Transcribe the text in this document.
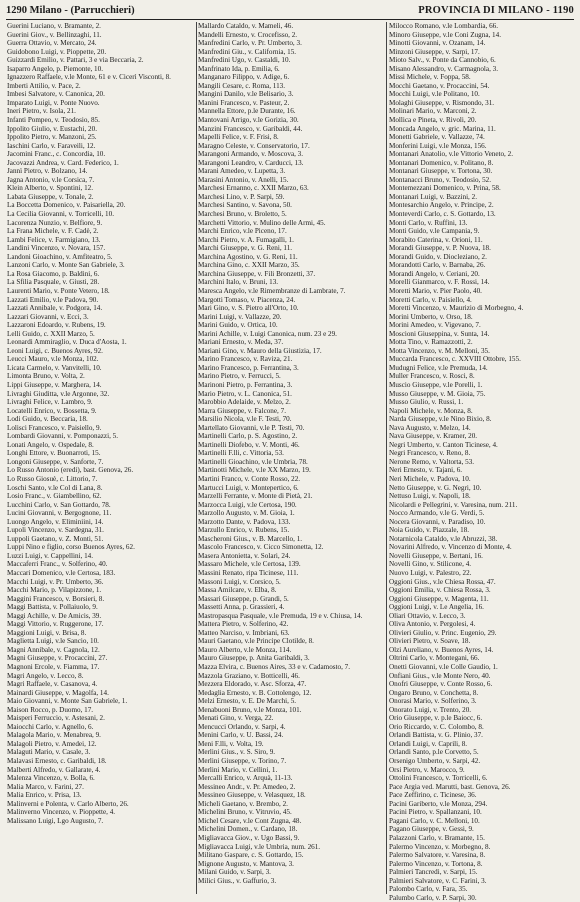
1290 Milano - (Parrucchieri)	PROVINCIA DI MILANO - 1190
Guerini Luciano, v. Bramante, 2.
Guerini Giov., v. Bellinzaghi, 11.
Guerra Ottavio, v. Mercato, 24.
Guidobono Luigi, v. Pioppette, 20.
Guizzardi Emilio, v. Pattari, 3 e via Beccaria, 2.
Isaparro Angelo, p. Piemonte, 10.
Ignazzero Raffaele, v.le Monte, 61 e v. Cicerì Visconti, 8.
Imberti Attilio, v. Pace, 2.
Imbesi Salvatore, v. Canonica, 20.
Imparato Luigi, v. Ponte Nuovo.
Ineri Pietro, v. Isola, 21.
Infanti Pompeo, v. Teodosio, 85.
Ippolito Giulio, v. Eustachi, 20.
Ippolito Pietro, v. Manzoni, 25.
Iaschini Carlo, v. Faraveili, 12.
Jacomini Franc., c. Concordia, 10.
Jacovazzi Andrea, v. Card. Federico, 1.
Jannì Pietro, v. Bolzano, 14.
Jagna Antonio, v.le Corsica, 7.
Klein Alberto, v. Spontini, 12.
Labata Giuseppe, v. Tonale, 2.
La Boccetta Domenico, v. Paisariella, 20.
La Cecilia Giovanni, v. Torricelli, 10.
Lacorenza Nunzio, v. Belfiore, 9.
La Frana Michele, v. F. Cadè, 2.
Lambi Felice, v. Farmigiano, 13.
Landini Vincenzo, v. Novara, 157.
Landoni Gioachino, v. Amfiteatro, 5.
Lanzoni Carlo, v. Monte San Gabriele, 3.
La Rosa Giacomo, p. Baldini, 6.
La Sfilia Pasquale, v. Giusti, 28.
Laurenti Mario, v. Ponte Vetero, 18.
Lazzati Emilio, v.le Padova, 90.
Lazzati Annibale, v. Podgora, 14.
Lazzari Giovanni, v. Ecci, 3.
Lazzaroni Edoardo, v. Rubens, 19.
Lelli Guido, c. XXII Marzo, 5.
Leonardi Ammiraglio, v. Duca d'Aosta, 1.
Leoni Luigi, c. Buenos Ayres, 92.
Leucci Mauro, v.le Monza, 102.
Licata Carmelo, v. Vanvitelli, 10.
Limonta Bruno, v. Volta, 2.
Lippi Giuseppe, v. Marghera, 14.
Livraghi Giuditta, v.le Argonne, 32.
Livraghi Felice, v. Lambro, 9.
Locatelli Enrico, v. Bossetta, 9.
Lodi Guido, v. Beccaria, 18.
Lolisci Francesco, v. Paisiello, 9.
Lombardi Giovanni, v. Pomponazzi, 5.
Lonati Angelo, v. Ospedale, 8.
Longhi Ettore, v. Buonarroti, 15.
Longoni Giuseppe, v. Sanforte, 7.
Lo Russo Antonio (eredi), bast. Genova, 26.
Lo Russo Giosuè, c. Littorio, 7.
Loschi Santo, v.le Col di Lana, 8.
Losio Franc., v. Giambellino, 62.
Lucchini Carlo, v. San Gottardo, 78.
Lucini Giovanni, v. Bergognone, 11.
Luongo Angelo, v. Eliminiini, 14.
Lupoli Vincenzo, v. Sardegna, 31.
Luppoli Gaetano, v. Z. Monti, 51.
Luppi Nino e figlio, corso Buenos Ayres, 62.
Luzzi Luigi, v. Cappellini, 14.
Maccaferri Franc., v. Solferino, 40.
Maccari Domenico, v.le Certosa, 183.
Macchi Luigi, v. Pr. Umberto, 36.
Macchi Mario, p. Vilapizzone, 1.
Maggini Francesco, v. Borsieri, 8.
Maggi Battista, v. Pollaiuolo, 9.
Maggi Achille, v. De Amicis, 39.
Maggi Vittorio, v. Ruggerone, 17.
Maggioni Luigi, v. Brisa, 8.
Maglietta Luigi, v.le Sancio, 10.
Magni Annibale, v. Cagnola, 12.
Magni Giuseppe, v. Procaccini, 27.
Magnoni Ercole, v. Fiamma, 17.
Magri Angelo, v. Lecco, 8.
Magri Raffaele, v. Casanova, 4.
Mainardi Giuseppe, v. Magolfa, 14.
Maio Giovanni, v. Monte San Gabriele, 1.
Maison Rocco, p. Duomo, 17.
Maisperi Ferruccio, v. Astesani, 2.
Maiocchi Carlo, v. Agnello, 6.
Malagola Mario, v. Menabrea, 9.
Malagoli Pietro, v. Amedei, 12.
Malaguti Mario, v. Casale, 3.
Malavasi Ernesto, c. Garibaldi, 18.
Malberti Alfredo, v. Gallarate, 4.
Malenza Vincenzo, v. Bolla, 6.
Malia Marco, v. Farini, 27.
Malia Enrico, v. Prisa, 13.
Malinverni e Polenta, v. Carlo Alberto, 26.
Malinverno Vincenzo, v. Pioppette, 4.
Malissano Luigi, Lgo Augusto, 7.
Mallardo Cataldo, v. Mameli, 46.
Mandelli Ernesto, v. Crocefisso, 2.
Manfredini Carlo, v. Pr. Umberto, 3.
Manfredini Giu., v. California, 15.
Manfredini Ugo, v. Castaldi, 10.
Manfrinato Ida, p. Emilia, 6.
Manganaro Filippo, v. Adige, 6.
Mangili Cesare, c. Roma, 113.
Mangini Danilo, v.le Belisario, 3.
Manini Francesco, v. Pasteur, 2.
Mannella Ettore, p.le Durante, 16.
Mantovani Arrigo, v.le Gorizia, 30.
Manzini Francesco, v. Garibaldi, 44.
Mapelli Felice, v. F. Frisi, 8.
Maragno Celeste, v. Conservatorio, 17.
Marangoni Armando, v. Moscova, 3.
Marangoni Leandro, v. Carducci, 13.
Marani Amedeo, v. Lupetta, 3.
Marasini Antonio, v. Anelli, 15.
Marchesi Ernanno, c. XXII Marzo, 63.
Marchesi Lino, v. P. Sarpi, 59.
Marchesi Santino, v. Savona, 50.
Marchesi Bruno, v. Broletto, 5.
Marchetti Vittorio, v. Mulino delle Armi, 45.
Marchi Enrico, v.le Piceno, 17.
Marchi Pietro, v. A. Fumagalli, 1.
Marchi Giuseppe, v. G. Reni, 11.
Marchina Agostino, v. G. Reni, 11.
Marchina Gino, c. XXII Marzo, 35.
Marchina Giuseppe, v. Fili Bronzetti, 37.
Marchini Italo, v. Bruni, 13.
Maresca Angelo, v.le Rimembranze di Lambrate, 7.
Margotti Tomaso, v. Piacenza, 24.
Mari Gino, v. S. Pietro all'Orto, 10.
Marini Luigi, v. Vallazze, 20.
Marini Guido, v. Ortica, 10.
Marini Achille, v. Luigi Canonica, num. 23 e 29.
Mariani Ernesto, v. Meda, 37.
Mariani Gino, v. Mauro della Giustizia, 17.
Marino Francesco, v. Raviza, 21.
Marino Francesco, p. Ferrantina, 3.
Marino Pietro, v. Ferrucci, 5.
Marinoni Pietro, p. Ferrantina, 3.
Mario Pietro, v. L. Canonica, 51.
Marobbio Adelaide, v. Melzo, 2.
Marra Giuseppe, v. Falcone, 7.
Marsilio Nicola, v.le F. Testi, 70.
Martellato Giovanni, v.le P. Testi, 70.
Martinelli Carlo, p. S. Agostino, 2.
Martinelli Diofebo, v. V. Monti, 46.
Martinelli F.lli, c. Vittoria, 53.
Martinelli Gioachino, v.le Umbria, 78.
Martinotti Michele, v.le XX Marzo, 19.
Martini Franco, v. Conte Rosso, 22.
Martucci Luigi, v. Montepertico, 6.
Marzelli Ferrante, v. Monte di Pietà, 21.
Marzocca Luigi, v.le Certosa, 190.
Marzollo Augusto, v. M. Gioia, 1.
Marzotto Dante, v. Padova, 133.
Marzullo Enrico, v. Rubens, 15.
Mascheroni Gius., v. B. Marcello, 1.
Mascolo Francesco, v. Cicco Simonetta, 12.
Masera Antonietta, v. Solari, 24.
Massaro Michele, v.le Certosa, 139.
Massini Renato, ripa Ticinese, 111.
Massoni Luigi, v. Corsico, 5.
Massa Amilcare, v. Elba, 8.
Massari Giuseppe, p. Grandi, 5.
Massetti Anna, p. Grassieri, 4.
Mastropasqua Pasquale, v.le Premuda, 19 e v. Chiusa, 14.
Mattera Pietro, v. Solferino, 42.
Matteo Narciso, v. Imbriani, 63.
Mauri Gaetano, v.le Principe Clotilde, 8.
Mauro Alberto, v.le Monza, 114.
Mauro Giuseppe, p. Anita Garibaldi, 3.
Mazza Elvira, c. Buenos Aires, 33 e v. Cadamosto, 7.
Mazzola Graziano, v. Botticelli, 46.
Mezzera Eldorado, v. Asc. Sforza, 47.
Medaglia Ernesto, v. B. Cottolengo, 12.
Melzi Ernesto, v. E. De Marchi, 5.
Menabuoni Bruno, v.le Monza, 101.
Menati Gino, v. Verga, 22.
Mencucci Orlando, v. Sarpi, 4.
Menini Carlo, v. U. Bassi, 24.
Meni F.lli, v. Volta, 19.
Merlini Gius., v. S. Siro, 9.
Merlini Giuseppe, v. Torino, 7.
Merlini Mario, v. Cellini, 1.
Mercalli Enrico, v. Arquà, 11-13.
Messineo Andr., v. Pr. Amedeo, 2.
Messineo Giuseppe, v. Velasquez, 18.
Micheli Gaetano, v. Brembo, 2.
Michelini Bruno, v. Vitruvio, 45.
Michel Cesare, v.le Cont Zugna, 48.
Michelini Domen., v. Cardano, 18.
Migliavacca Giov., v. Ugo Bassi, 9.
Migliavacca Luigi, v.le Umbria, num. 261.
Militano Gaspare, c. S. Gottardo, 15.
Mignone Augusto, v. Mantova, 3.
Milani Guido, v. Sarpi, 3.
Milici Gius., v. Gaffurio, 3.
Milocco Romano, v.le Lombardia, 66.
Minoro Giuseppe, v.le Coni Zugna, 14.
Minotti Giovanni, v. Ozanam, 14.
Minzoni Giuseppe, v. Sarpi, 17.
Mioto Salv., v. Ponte da Cannobio, 6.
Misano Alessandro, v. Carmagnola, 3.
Missi Michele, v. Foppa, 58.
Mocchi Gaetano, v. Procaccini, 54.
Mocchi Luigi, v.le Politano, 10.
Molaghi Giuseppe, v. Rismondo, 31.
Molinari Mario, v. Marconi, 2.
Mollica e Pineta, v. Rivoli, 20.
Moncada Angelo, v. gric. Marina, 11.
Monetti Gabriele, v. Vallazze, 74.
Monferini Luigi, v.le Monza, 156.
Montanari Anatolio, v.le Vittorio Veneto, 2.
Montanari Domenico, v. Politano, 8.
Montanari Giuseppe, v. Tortona, 30.
Montanacci Bruno, v. Teodosio, 52.
Montemezzani Domenico, v. Prina, 58.
Montanari Luigi, v. Bazzini, 2.
Montesarchio Angelo, v. Principe, 2.
Monteverdi Carlo, c. S. Gottardo, 13.
Monti Carlo, v. Ruffini, 13.
Monti Guido, v.le Campania, 9.
Morabito Caterina, v. Orioni, 11.
Morandi Giuseppe, v. P. Nuova, 18.
Morandi Guido, v. Diocleziano, 2.
Morandotti Carlo, v. Barnaba, 26.
Morandi Angelo, v. Ceriani, 20.
Morelli Gianmarco, v. F. Rossi, 14.
Moretti Mario, v. Pier Paolo, 40.
Moretti Carlo, v. Paisiello, 4.
Moretti Vincenzo, v. Maurizio di Morbegno, 4.
Morini Umberto, v. Orso, 18.
Morini Amedeo, v. Vigevano, 7.
Moscioni Giuseppina, v. Sunta, 14.
Motta Tino, v. Ramazzotti, 2.
Motta Vincenzo, v. M. Melloni, 35.
Muccarda Francesco, c. XXVIII Ottobre, 155.
Mudugni Felice, v.le Premuda, 14.
Muller Francesco, v. Rosci, 8.
Muscio Giuseppe, v.le Porelli, 1.
Musso Giuseppe, v. M. Gioia, 75.
Musso Giulio, v. Russi, 1.
Napoli Michele, v. Monza, 8.
Narda Giuseppe, v.le Nino Bixio, 8.
Nava Augusto, v. Melzo, 14.
Nava Giuseppe, v. Kramer, 20.
Negri Umberto, v. Canton Ticinese, 4.
Negri Francesco, v. Reno, 8.
Nerone Remo, v. Valtorta, 53.
Neri Ernesto, v. Tajani, 6.
Neri Michele, v. Padova, 10.
Netto Giuseppe, v. G. Negri, 10.
Nettuso Luigi, v. Napoli, 18.
Nicolardi e Pellegrini, v. Varesina, num. 211.
Nocco Armando, v.le G. Verdi, 5.
Nocera Giovanni, v. Paradiso, 10.
Noia Guido, v. Piazzale, 18.
Notarnicola Cataldo, v.le Abruzzi, 38.
Novarini Alfredo, v. Vincenzo di Monte, 4.
Novelli Giuseppe, v. Bertani, 16.
Novelli Gino, v. Stilicone, 4.
Nuovo Luigi, v. Palestro, 22.
Oggioni Gius., v.le Chiesa Rossa, 47.
Oggioni Emilia, v. Chiesa Rossa, 3.
Oggioni Giuseppe, v. Magenta, 11.
Oggioni Luigi, v. Le Angelia, 16.
Oliari Ottavio, v. Lecco, 3.
Oliva Antonio, v. Pergolesi, 4.
Olivieri Giulio, v. Princ. Eugenio, 29.
Olivieri Pietro, v. Soave, 18.
Olzi Aureliano, v. Buenos Ayres, 14.
Oltrini Carlo, v. Montegani, 66.
Onetti Giovanni, v.le Colle Gaudio, 1.
Onfiani Gius., v.le Monte Nero, 40.
Onofri Giuseppe, v. Conte Rosso, 6.
Ongaro Bruno, v. Conchetta, 8.
Onorasi Mario, v. Solferino, 3.
Onorato Luigi, v. Trento, 20.
Orio Giuseppe, v. p.le Baiocc, 6.
Orio Riccardo, v. C. Colombo, 8.
Orlandi Battista, v. G. Plinio, 37.
Orlandi Luigi, v. Caprili, 8.
Orlandi Santo, p.le Corvetto, 5.
Orsenigo Umberto, v. Sarpi, 42.
Orsi Pietro, v. Marocco, 9.
Ottolini Francesco, v. Torricelli, 6.
Pace Argia ved. Marutti, bast. Genova, 26.
Pace Zeffirino, c. Ticinese, 36.
Pacini Gariberto, v.le Monza, 294.
Pacini Pietro, v. Spallanzani, 10.
Pagani Carlo, v. C. Melloni, 10.
Pagano Giuseppe, v. Gessi, 9.
Palazzoni Carlo, v. Bramante, 15.
Palermo Vincenzo, v. Morbegno, 8.
Palermo Salvatore, v. Varesina, 8.
Palermo Vincenzo, v. Tortona, 8.
Palmieri Tancredi, v. Sarpi, 15.
Palmieri Salvatore, v. C. Farini, 3.
Palombo Carlo, v. Fara, 35.
Palumbo Carlo, v. P. Sarpi, 30.
